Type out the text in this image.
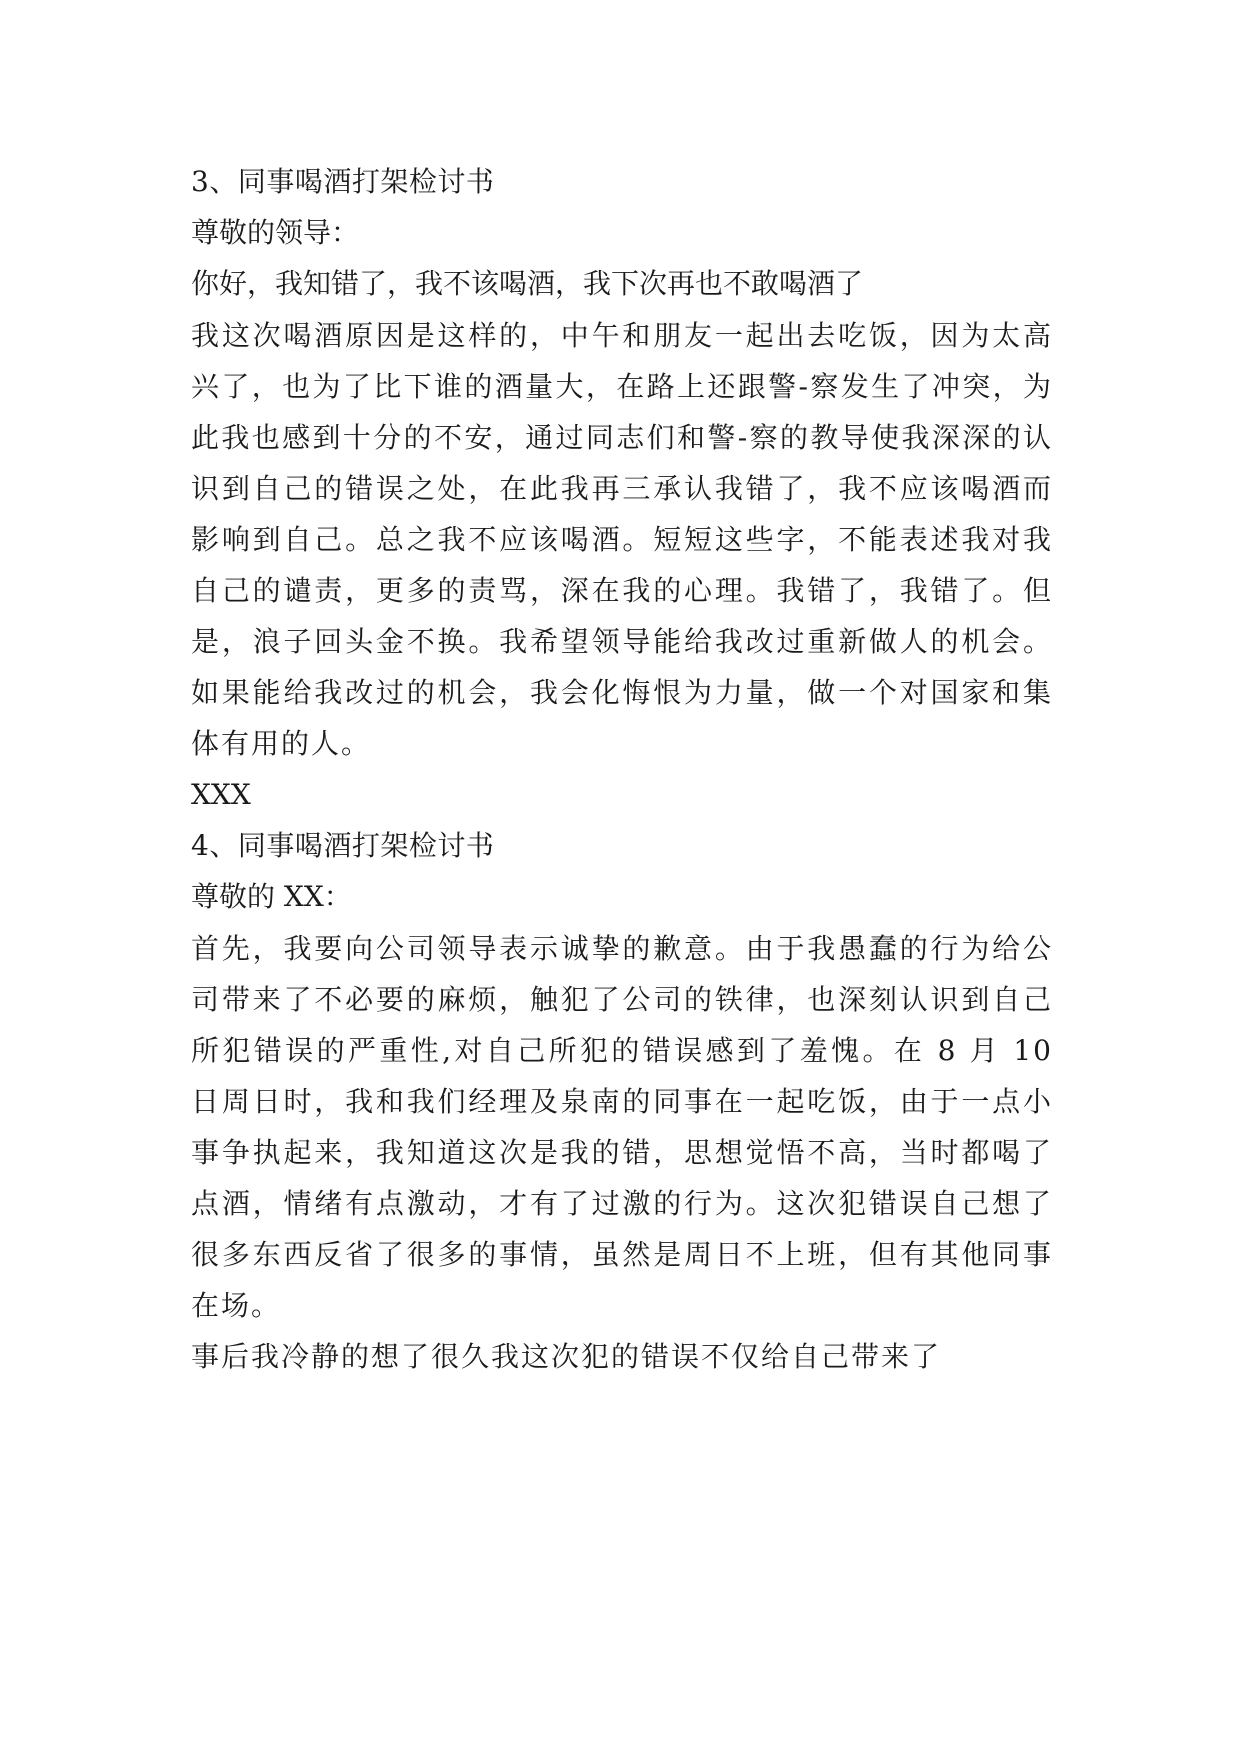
3、同事喝酒打架检讨书
尊敬的领导：
你好，我知错了，我不该喝酒，我下次再也不敢喝酒了

我这次喝酒原因是这样的，中午和朋友一起出去吃饭，因为太高兴了，也为了比下谁的酒量大，在路上还跟警-察发生了冲突，为此我也感到十分的不安，通过同志们和警-察的教导使我深深的认识到自己的错误之处，在此我再三承认我错了，我不应该喝酒而影响到自己。总之我不应该喝酒。短短这些字，不能表述我对我自己的谴责，更多的责骂，深在我的心理。我错了，我错了。但是，浪子回头金不换。我希望领导能给我改过重新做人的机会。如果能给我改过的机会，我会化悔恨为力量，做一个对国家和集体有用的人。

XXX
4、同事喝酒打架检讨书
尊敬的 XX：

首先，我要向公司领导表示诚挚的歉意。由于我愚蠢的行为给公司带来了不必要的麻烦，触犯了公司的铁律，也深刻认识到自己所犯错误的严重性,对自己所犯的错误感到了羞愧。在 8 月 10 日周日时，我和我们经理及泉南的同事在一起吃饭，由于一点小事争执起来，我知道这次是我的错，思想觉悟不高，当时都喝了点酒，情绪有点激动，才有了过激的行为。这次犯错误自己想了很多东西反省了很多的事情，虽然是周日不上班，但有其他同事在场。

事后我冷静的想了很久我这次犯的错误不仅给自己带来了
